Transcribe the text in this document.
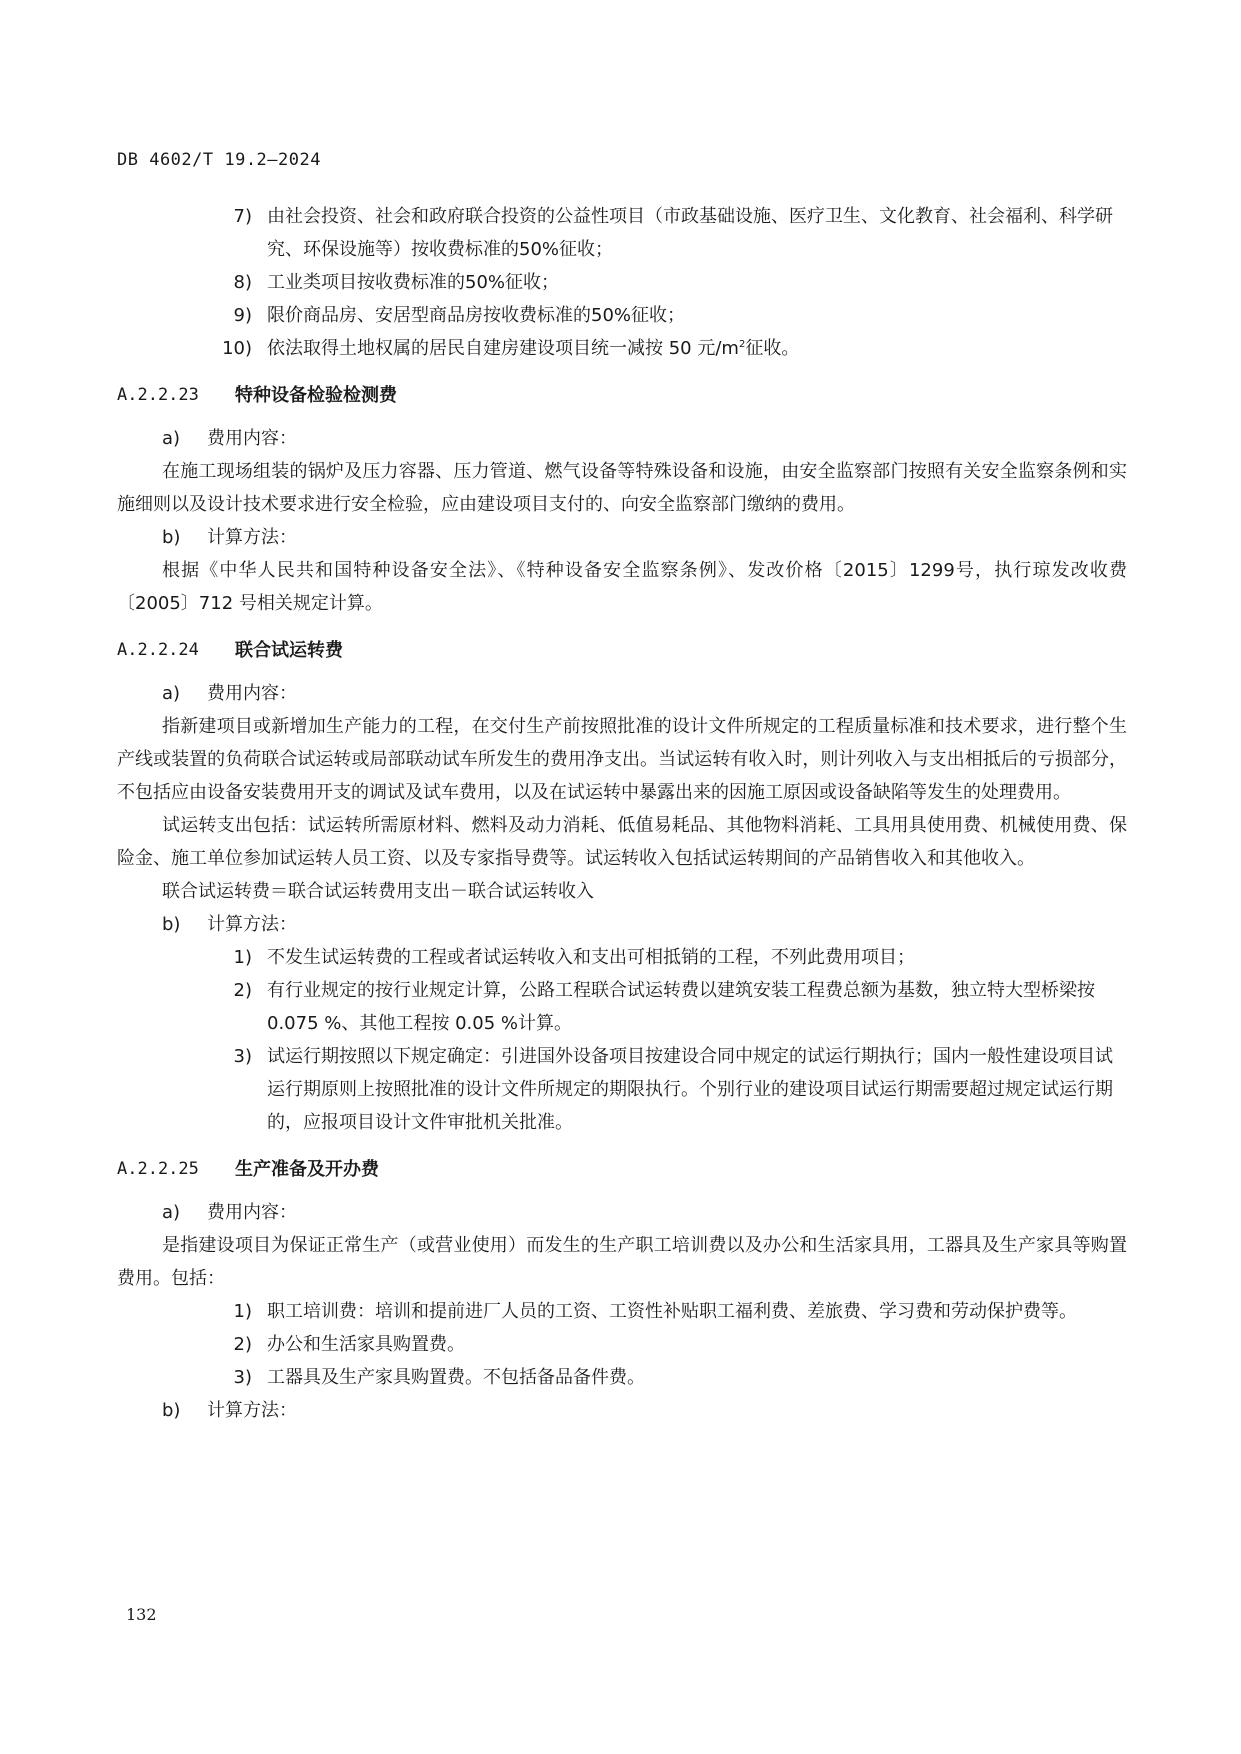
DB 4602/T 19.2—2024
7) 由社会投资、社会和政府联合投资的公益性项目（市政基础设施、医疗卫生、文化教育、社会福利、科学研究、环保设施等）按收费标准的50%征收；
8) 工业类项目按收费标准的50%征收；
9) 限价商品房、安居型商品房按收费标准的50%征收；
10) 依法取得土地权属的居民自建房建设项目统一减按 50 元$/m^2$征收。
A.2.2.23	特种设备检验检测费
a)	费用内容：
在施工现场组装的锅炉及压力容器、压力管道、燃气设备等特殊设备和设施，由安全监察部门按照有关安全监察条例和实施细则以及设计技术要求进行安全检验，应由建设项目支付的、向安全监察部门缴纳的费用。
b)	计算方法：
根据《中华人民共和国特种设备安全法》、《特种设备安全监察条例》、发改价格〔2015〕1299号，执行琼发改收费〔2005〕712 号相关规定计算。
A.2.2.24	联合试运转费
a)	费用内容：
指新建项目或新增加生产能力的工程，在交付生产前按照批准的设计文件所规定的工程质量标准和技术要求，进行整个生产线或装置的负荷联合试运转或局部联动试车所发生的费用净支出。当试运转有收入时，则计列收入与支出相抵后的亏损部分，不包括应由设备安装费用开支的调试及试车费用，以及在试运转中暴露出来的因施工原因或设备缺陷等发生的处理费用。
试运转支出包括：试运转所需原材料、燃料及动力消耗、低值易耗品、其他物料消耗、工具用具使用费、机械使用费、保险金、施工单位参加试运转人员工资、以及专家指导费等。试运转收入包括试运转期间的产品销售收入和其他收入。
联合试运转费＝联合试运转费用支出－联合试运转收入
b)	计算方法：
1) 不发生试运转费的工程或者试运转收入和支出可相抵销的工程，不列此费用项目；
2) 有行业规定的按行业规定计算，公路工程联合试运转费以建筑安装工程费总额为基数，独立特大型桥梁按 0.075 %、其他工程按 0.05 %计算。
3) 试运行期按照以下规定确定：引进国外设备项目按建设合同中规定的试运行期执行；国内一般性建设项目试运行期原则上按照批准的设计文件所规定的期限执行。个别行业的建设项目试运行期需要超过规定试运行期的，应报项目设计文件审批机关批准。
A.2.2.25	生产准备及开办费
a)	费用内容：
是指建设项目为保证正常生产（或营业使用）而发生的生产职工培训费以及办公和生活家具用，工器具及生产家具等购置费用。包括：
1) 职工培训费：培训和提前进厂人员的工资、工资性补贴职工福利费、差旅费、学习费和劳动保护费等。
2) 办公和生活家具购置费。
3) 工器具及生产家具购置费。不包括备品备件费。
b)	计算方法：
132
